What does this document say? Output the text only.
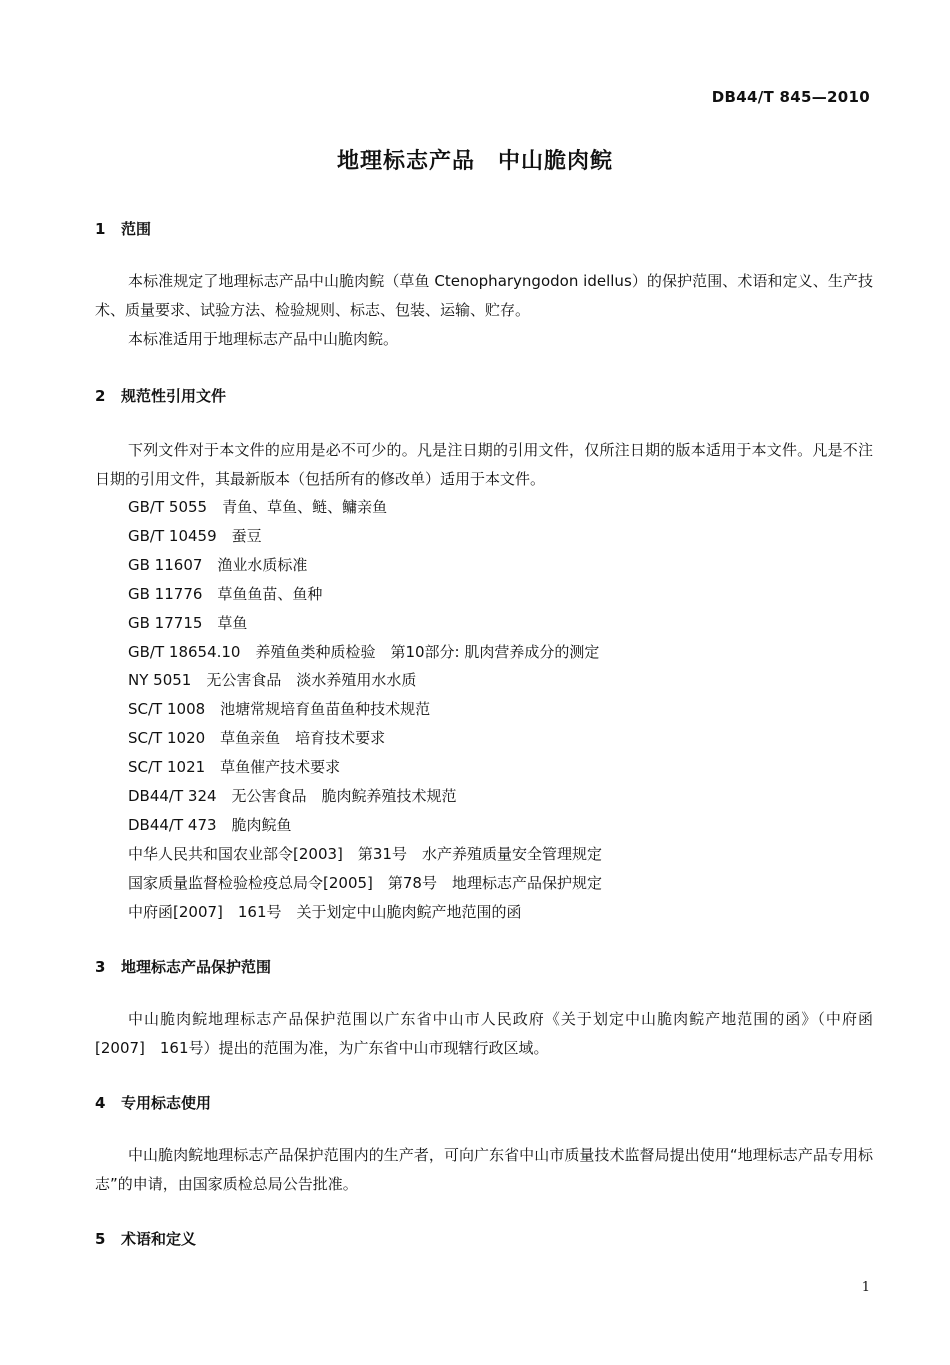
DB44/T 845—2010
地理标志产品　中山脆肉鲩
1 范围

本标准规定了地理标志产品中山脆肉鲩（草鱼 Ctenopharyngodon idellus）的保护范围、术语和定义、生产技术、质量要求、试验方法、检验规则、标志、包装、运输、贮存。

本标准适用于地理标志产品中山脆肉鲩。

2 规范性引用文件

下列文件对于本文件的应用是必不可少的。凡是注日期的引用文件，仅所注日期的版本适用于本文件。凡是不注日期的引用文件，其最新版本（包括所有的修改单）适用于本文件。

GB/T 5055　青鱼、草鱼、鲢、鳙亲鱼
GB/T 10459　蚕豆
GB 11607　渔业水质标准
GB 11776　草鱼鱼苗、鱼种
GB 17715　草鱼
GB/T 18654.10　养殖鱼类种质检验　第10部分: 肌肉营养成分的测定
NY 5051　无公害食品　淡水养殖用水水质
SC/T 1008　池塘常规培育鱼苗鱼种技术规范
SC/T 1020　草鱼亲鱼　培育技术要求
SC/T 1021　草鱼催产技术要求
DB44/T 324　无公害食品　脆肉鲩养殖技术规范
DB44/T 473　脆肉鲩鱼
中华人民共和国农业部令[2003]　第31号　水产养殖质量安全管理规定
国家质量监督检验检疫总局令[2005]　第78号　地理标志产品保护规定
中府函[2007]　161号　关于划定中山脆肉鲩产地范围的函
3 地理标志产品保护范围

中山脆肉鲩地理标志产品保护范围以广东省中山市人民政府《关于划定中山脆肉鲩产地范围的函》（中府函[2007]　161号）提出的范围为准，为广东省中山市现辖行政区域。

4 专用标志使用

中山脆肉鲩地理标志产品保护范围内的生产者，可向广东省中山市质量技术监督局提出使用“地理标志产品专用标志”的申请，由国家质检总局公告批准。

5 术语和定义
1
